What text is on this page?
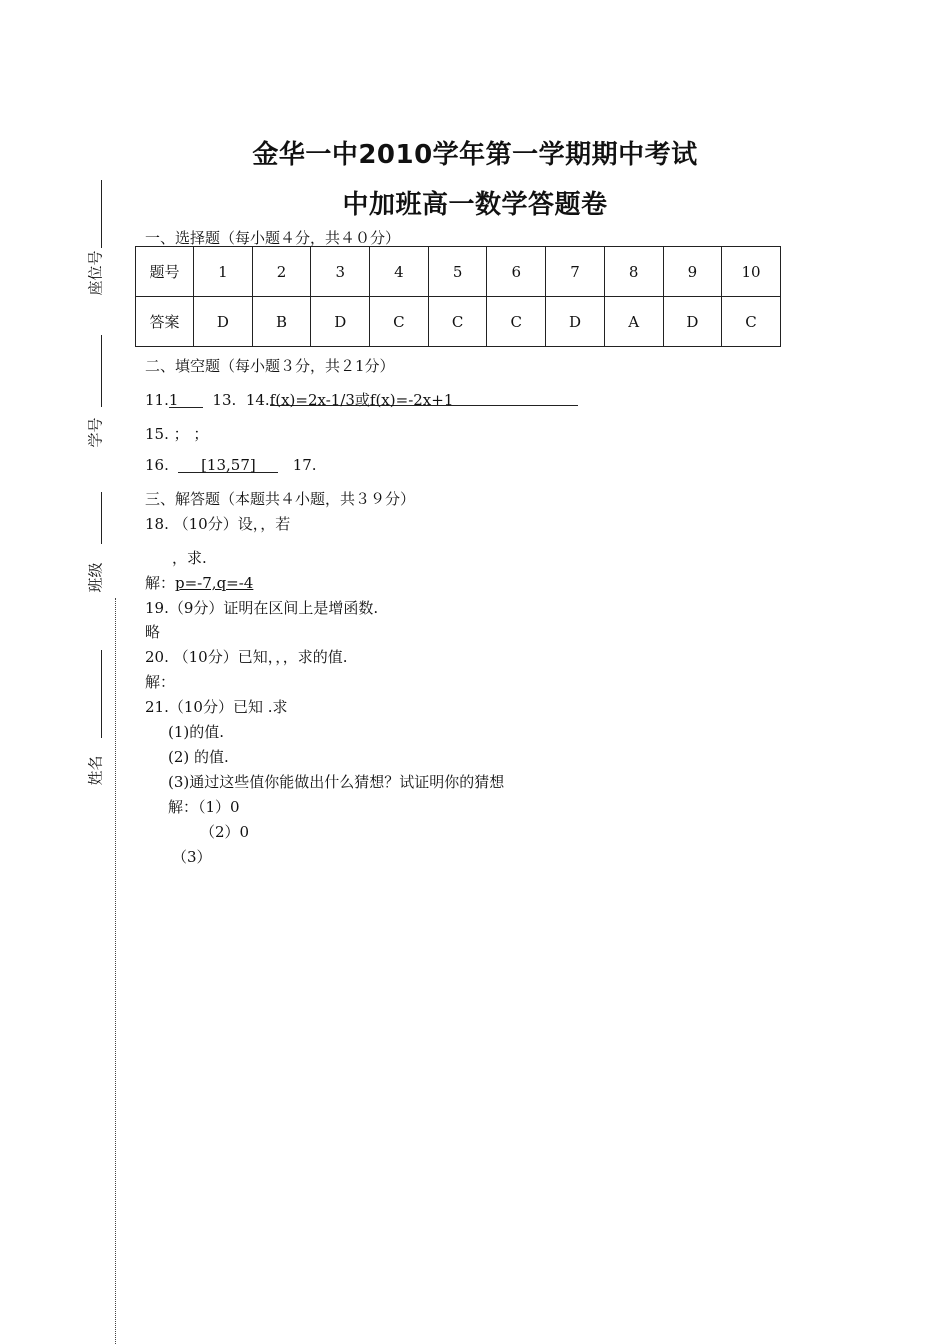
金华一中2010学年第一学期期中考试
中加班高一数学答题卷
座位号
学号
班级
姓名
一、选择题（每小题４分，共４０分）
题号	1	2	3	4	5	6	7	8	9	10
答案	D	B	D	C	C	C	D	A	D	C
二、填空题（每小题３分，共２1分）
11.1 13. 14.f(x)=2x-1/3或f(x)=-2x+1
15. ； ；
16. [13,57] 17.
三、解答题（本题共４小题，共３９分）
18. （10分）设，，若
，求.
解：p=-7,q=-4
19.（9分）证明在区间上是增函数.
略
20. （10分）已知，，，求的值.
解：
21.（10分）已知 .求
(1)的值.
(2) 的值.
(3)通过这些值你能做出什么猜想？试证明你的猜想
解：（1）0
（2）0
（3）
